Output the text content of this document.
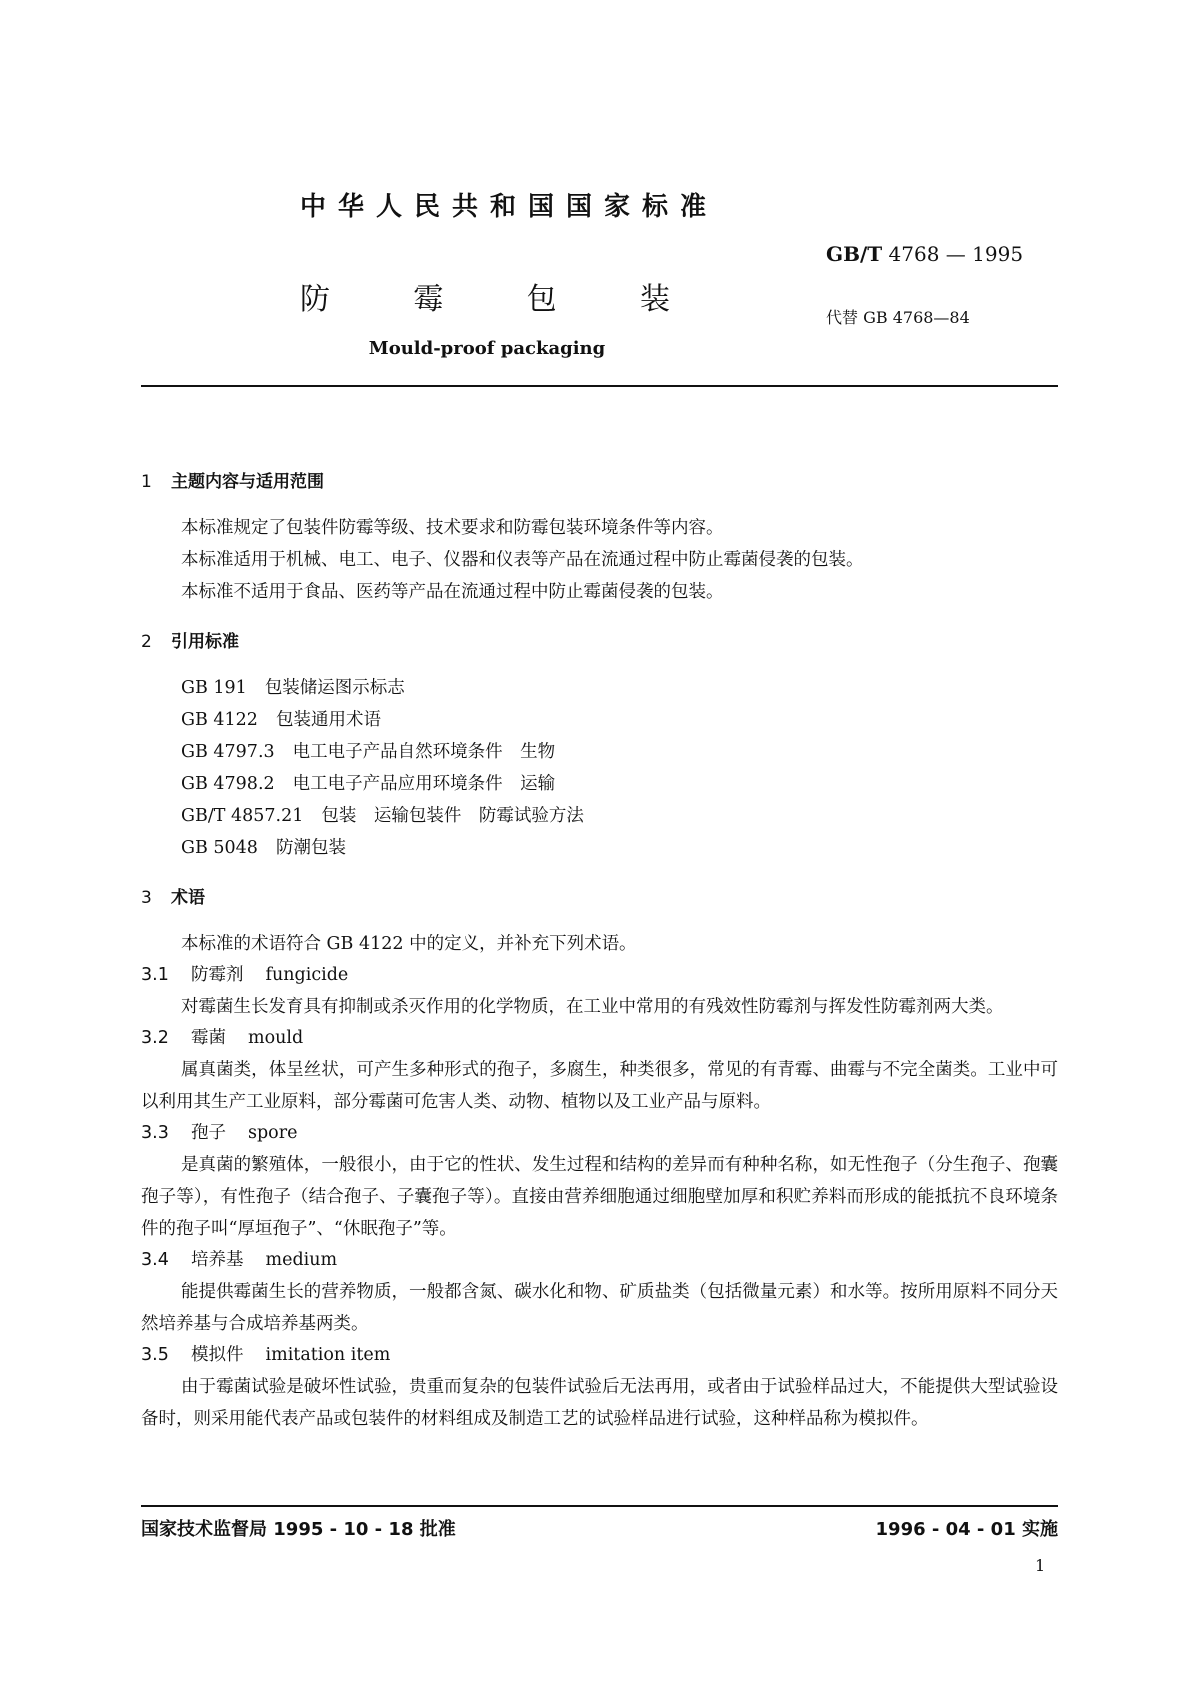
中华人民共和国国家标准
GB/T 4768 — 1995
防	霉	包	装
代替 GB 4768—84
Mould-proof packaging

1 主题内容与适用范围

本标准规定了包装件防霉等级、技术要求和防霉包装环境条件等内容。

本标准适用于机械、电工、电子、仪器和仪表等产品在流通过程中防止霉菌侵袭的包装。

本标准不适用于食品、医药等产品在流通过程中防止霉菌侵袭的包装。

2 引用标准

GB 191 包装储运图示标志

GB 4122 包装通用术语

GB 4797.3 电工电子产品自然环境条件　生物

GB 4798.2 电工电子产品应用环境条件　运输

GB/T 4857.21 包装　运输包装件　防霉试验方法

GB 5048 防潮包装

3 术语

本标准的术语符合 GB 4122 中的定义，并补充下列术语。

3.1 防霉剂 fungicide

对霉菌生长发育具有抑制或杀灭作用的化学物质，在工业中常用的有残效性防霉剂与挥发性防霉剂两大类。

3.2 霉菌 mould

属真菌类，体呈丝状，可产生多种形式的孢子，多腐生，种类很多，常见的有青霉、曲霉与不完全菌类。工业中可以利用其生产工业原料，部分霉菌可危害人类、动物、植物以及工业产品与原料。

3.3 孢子 spore

是真菌的繁殖体，一般很小，由于它的性状、发生过程和结构的差异而有种种名称，如无性孢子（分生孢子、孢囊孢子等），有性孢子（结合孢子、子囊孢子等）。直接由营养细胞通过细胞壁加厚和积贮养料而形成的能抵抗不良环境条件的孢子叫“厚垣孢子”、“休眠孢子”等。

3.4 培养基 medium

能提供霉菌生长的营养物质，一般都含氮、碳水化和物、矿质盐类（包括微量元素）和水等。按所用原料不同分天然培养基与合成培养基两类。

3.5 模拟件 imitation item

由于霉菌试验是破坏性试验，贵重而复杂的包装件试验后无法再用，或者由于试验样品过大，不能提供大型试验设备时，则采用能代表产品或包装件的材料组成及制造工艺的试验样品进行试验，这种样品称为模拟件。

国家技术监督局 1995 - 10 - 18 批准	1996 - 04 - 01 实施
1
